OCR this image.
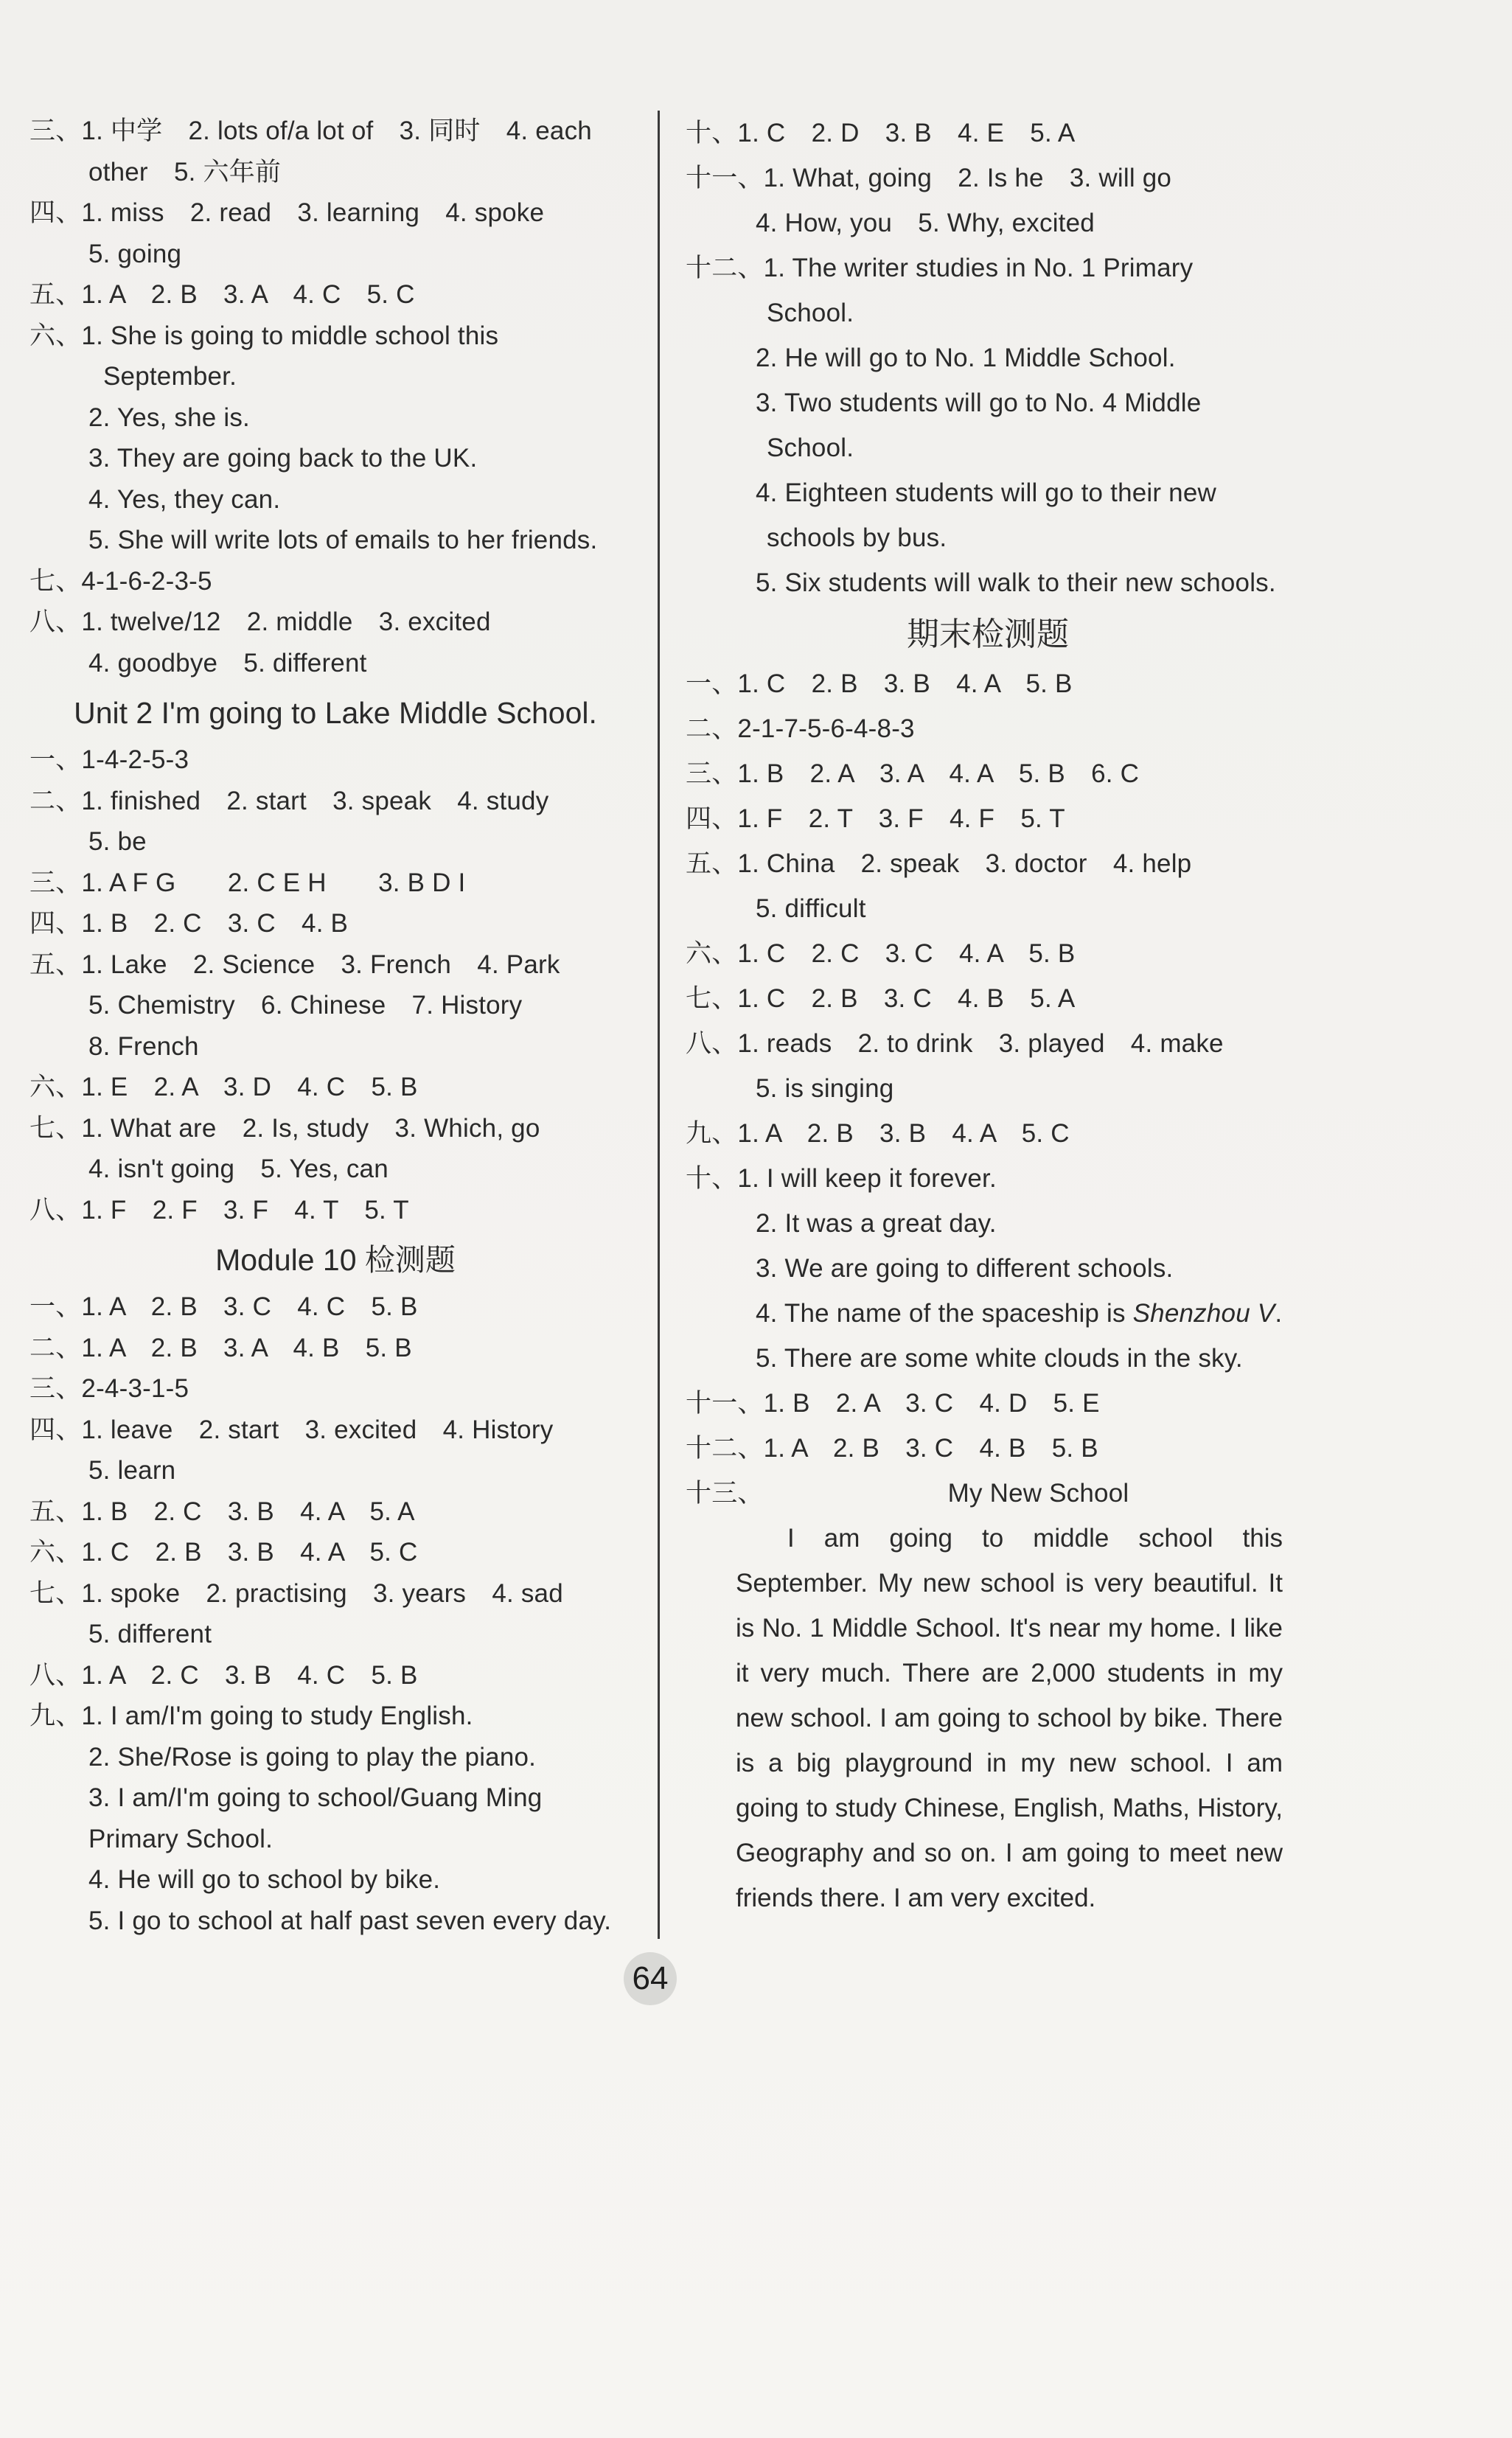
三、1. 中学　2. lots of/a lot of　3. 同时　4. each
other　5. 六年前
四、1. miss　2. read　3. learning　4. spoke
5. going
五、1. A　2. B　3. A　4. C　5. C
六、1. She is going to middle school this
September.
2. Yes, she is.
3. They are going back to the UK.
4. Yes, they can.
5. She will write lots of emails to her friends.
七、4-1-6-2-3-5
八、1. twelve/12　2. middle　3. excited
4. goodbye　5. different
Unit 2 I'm going to Lake Middle School.
一、1-4-2-5-3
二、1. finished　2. start　3. speak　4. study
5. be
三、1. A F G　　2. C E H　　3. B D I
四、1. B　2. C　3. C　4. B
五、1. Lake　2. Science　3. French　4. Park
5. Chemistry　6. Chinese　7. History
8. French
六、1. E　2. A　3. D　4. C　5. B
七、1. What are　2. Is, study　3. Which, go
4. isn't going　5. Yes, can
八、1. F　2. F　3. F　4. T　5. T
Module 10 检测题
一、1. A　2. B　3. C　4. C　5. B
二、1. A　2. B　3. A　4. B　5. B
三、2-4-3-1-5
四、1. leave　2. start　3. excited　4. History
5. learn
五、1. B　2. C　3. B　4. A　5. A
六、1. C　2. B　3. B　4. A　5. C
七、1. spoke　2. practising　3. years　4. sad
5. different
八、1. A　2. C　3. B　4. C　5. B
九、1. I am/I'm going to study English.
2. She/Rose is going to play the piano.
3. I am/I'm going to school/Guang Ming
Primary School.
4. He will go to school by bike.
5. I go to school at half past seven every day.
十、1. C　2. D　3. B　4. E　5. A
十一、1. What, going　2. Is he　3. will go
4. How, you　5. Why, excited
十二、1. The writer studies in No. 1 Primary
School.
2. He will go to No. 1 Middle School.
3. Two students will go to No. 4 Middle
School.
4. Eighteen students will go to their new
schools by bus.
5. Six students will walk to their new schools.
期末检测题
一、1. C　2. B　3. B　4. A　5. B
二、2-1-7-5-6-4-8-3
三、1. B　2. A　3. A　4. A　5. B　6. C
四、1. F　2. T　3. F　4. F　5. T
五、1. China　2. speak　3. doctor　4. help
5. difficult
六、1. C　2. C　3. C　4. A　5. B
七、1. C　2. B　3. C　4. B　5. A
八、1. reads　2. to drink　3. played　4. make
5. is singing
九、1. A　2. B　3. B　4. A　5. C
十、1. I will keep it forever.
2. It was a great day.
3. We are going to different schools.
4. The name of the spaceship is Shenzhou V.
5. There are some white clouds in the sky.
十一、1. B　2. A　3. C　4. D　5. E
十二、1. A　2. B　3. C　4. B　5. B
十三、	My New School
I am going to middle school this September. My new school is very beautiful. It is No. 1 Middle School. It's near my home. I like it very much. There are 2,000 students in my new school. I am going to school by bike. There is a big playground in my new school. I am going to study Chinese, English, Maths, History, Geography and so on. I am going to meet new friends there. I am very excited.
64
